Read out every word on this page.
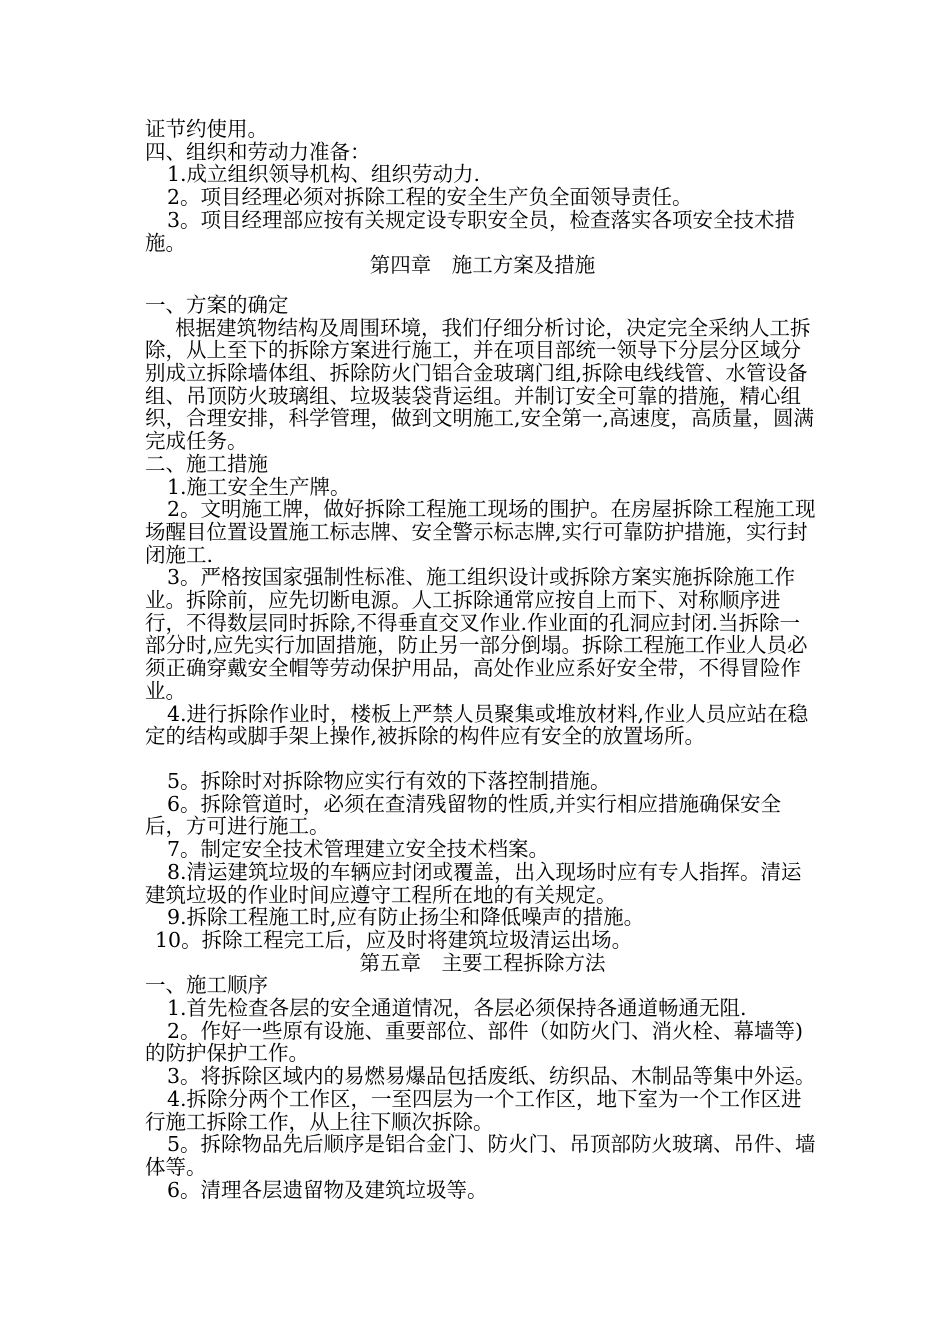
证节约使用。

四、组织和劳动力准备：

1.成立组织领导机构、组织劳动力.

2。项目经理必须对拆除工程的安全生产负全面领导责任。

3。项目经理部应按有关规定设专职安全员，检查落实各项安全技术措施。

第四章　施工方案及措施

一、方案的确定

根据建筑物结构及周围环境，我们仔细分析讨论，决定完全采纳人工拆除，从上至下的拆除方案进行施工，并在项目部统一领导下分层分区域分别成立拆除墙体组、拆除防火门铝合金玻璃门组,拆除电线线管、水管设备组、吊顶防火玻璃组、垃圾装袋背运组。并制订安全可靠的措施，精心组织，合理安排，科学管理，做到文明施工,安全第一,高速度，高质量，圆满完成任务。

二、施工措施

1.施工安全生产牌。

2。文明施工牌，做好拆除工程施工现场的围护。在房屋拆除工程施工现场醒目位置设置施工标志牌、安全警示标志牌,实行可靠防护措施，实行封闭施工.

3。严格按国家强制性标准、施工组织设计或拆除方案实施拆除施工作业。拆除前，应先切断电源。人工拆除通常应按自上而下、对称顺序进行，不得数层同时拆除,不得垂直交叉作业.作业面的孔洞应封闭.当拆除一部分时,应先实行加固措施，防止另一部分倒塌。拆除工程施工作业人员必须正确穿戴安全帽等劳动保护用品，高处作业应系好安全带，不得冒险作业。

4.进行拆除作业时，楼板上严禁人员聚集或堆放材料,作业人员应站在稳定的结构或脚手架上操作,被拆除的构件应有安全的放置场所。

5。拆除时对拆除物应实行有效的下落控制措施。

6。拆除管道时，必须在查清残留物的性质,并实行相应措施确保安全后，方可进行施工。

7。制定安全技术管理建立安全技术档案。

8.清运建筑垃圾的车辆应封闭或覆盖，出入现场时应有专人指挥。清运建筑垃圾的作业时间应遵守工程所在地的有关规定。

9.拆除工程施工时,应有防止扬尘和降低噪声的措施。

10。拆除工程完工后，应及时将建筑垃圾清运出场。

第五章　主要工程拆除方法

一、施工顺序

1.首先检查各层的安全通道情况，各层必须保持各通道畅通无阻.

2。作好一些原有设施、重要部位、部件（如防火门、消火栓、幕墙等)的防护保护工作。

3。将拆除区域内的易燃易爆品包括废纸、纺织品、木制品等集中外运。

4.拆除分两个工作区，一至四层为一个工作区，地下室为一个工作区进行施工拆除工作，从上往下顺次拆除。

5。拆除物品先后顺序是铝合金门、防火门、吊顶部防火玻璃、吊件、墙体等。

6。清理各层遗留物及建筑垃圾等。
